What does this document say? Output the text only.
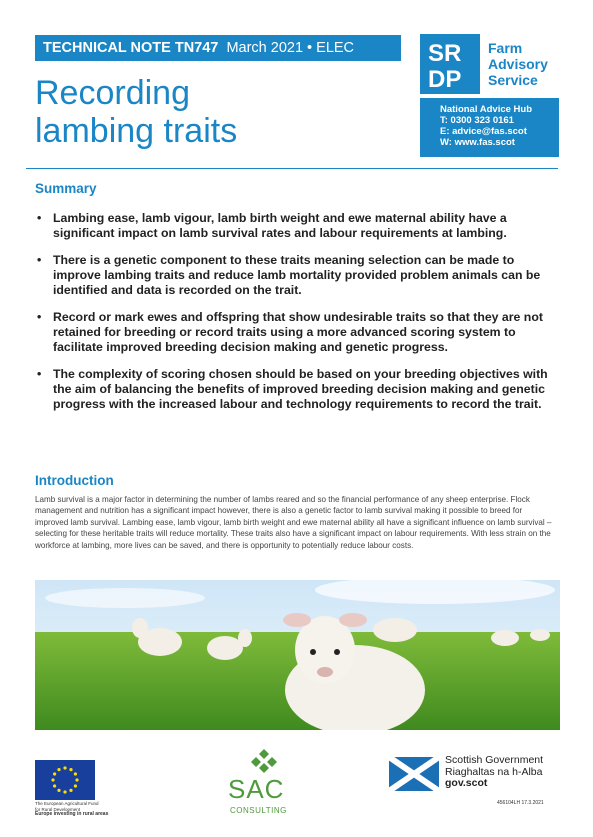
TECHNICAL NOTE TN747 March 2021 • ELEC
Recording
lambing traits
SR
DP
Farm
Advisory
Service
National Advice Hub
T: 0300 323 0161
E: advice@fas.scot
W: www.fas.scot
Summary
• Lambing ease, lamb vigour, lamb birth weight and ewe maternal ability have a significant impact on lamb survival rates and labour requirements at lambing.
• There is a genetic component to these traits meaning selection can be made to improve lambing traits and reduce lamb mortality provided problem animals can be identified and data is recorded on the trait.
• Record or mark ewes and offspring that show undesirable traits so that they are not retained for breeding or record traits using a more advanced scoring system to facilitate improved breeding decision making and genetic progress.
• The complexity of scoring chosen should be based on your breeding objectives with the aim of balancing the benefits of improved breeding decision making and genetic progress with the increased labour and technology requirements to record the trait.
Introduction

Lamb survival is a major factor in determining the number of lambs reared and so the financial performance of any sheep enterprise. Flock management and nutrition has a significant impact however, there is also a genetic factor to lamb survival making it possible to breed for improved lamb survival. Lambing ease, lamb vigour, lamb birth weight and ewe maternal ability all have a significant influence on lamb survival – selecting for these heritable traits will reduce mortality. These traits also have a significant impact on labour requirements. With less strain on the workforce at lambing, more lives can be saved, and there is opportunity to potentially reduce labour costs.

The European Agricultural Fund
for Rural Development
Europe investing in rural areas
SAC
CONSULTING
Scottish Government
Riaghaltas na h-Alba
gov.scot
456104LH 17.3.2021
